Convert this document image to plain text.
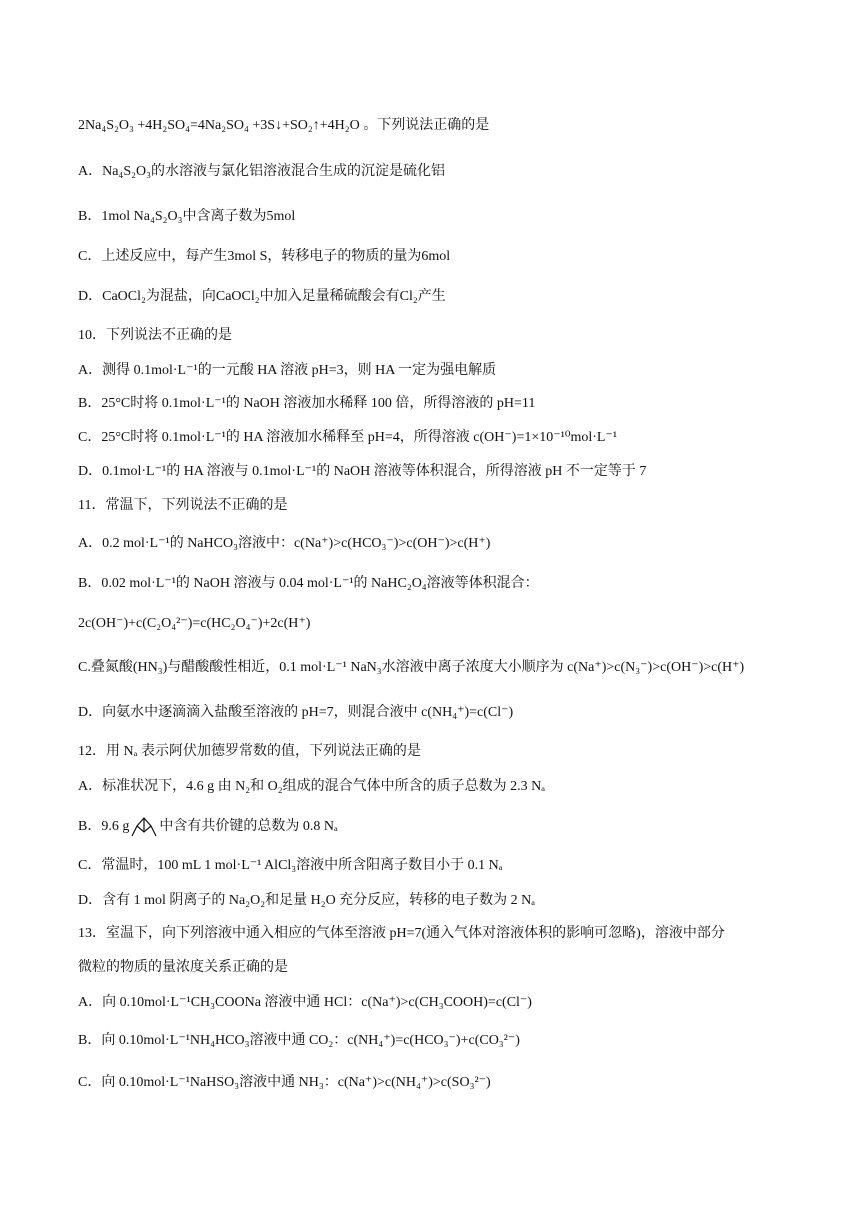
2Na₄S₂O₃ +4H₂SO₄=4Na₂SO₄ +3S↓+SO₂↑+4H₂O 。下列说法正确的是
A．Na₄S₂O₃的水溶液与氯化铝溶液混合生成的沉淀是硫化铝
B．1mol Na₄S₂O₃中含离子数为5mol
C．上述反应中，每产生3mol S，转移电子的物质的量为6mol
D．CaOCl₂为混盐，向CaOCl₂中加入足量稀硫酸会有Cl₂产生
10．下列说法不正确的是
A．测得 0.1mol·L⁻¹的一元酸 HA 溶液 pH=3，则 HA 一定为强电解质
B．25°C时将 0.1mol·L⁻¹的 NaOH 溶液加水稀释 100 倍，所得溶液的 pH=11
C．25°C时将 0.1mol·L⁻¹的 HA 溶液加水稀释至 pH=4，所得溶液 c(OH⁻)=1×10⁻¹⁰mol·L⁻¹
D．0.1mol·L⁻¹的 HA 溶液与 0.1mol·L⁻¹的 NaOH 溶液等体积混合，所得溶液 pH 不一定等于 7
11．常温下，下列说法不正确的是
A．0.2 mol·L⁻¹的 NaHCO₃溶液中：c(Na⁺)>c(HCO₃⁻)>c(OH⁻)>c(H⁺)
B．0.02 mol·L⁻¹的 NaOH 溶液与 0.04 mol·L⁻¹的 NaHC₂O₄溶液等体积混合：
2c(OH⁻)+c(C₂O₄²⁻)=c(HC₂O₄⁻)+2c(H⁺)
C.叠氮酸(HN₃)与醋酸酸性相近，0.1 mol·L⁻¹ NaN₃水溶液中离子浓度大小顺序为 c(Na⁺)>c(N₃⁻)>c(OH⁻)>c(H⁺)
D．向氨水中逐滴滴入盐酸至溶液的 pH=7，则混合液中 c(NH₄⁺)=c(Cl⁻)
12．用 Nₐ 表示阿伏加德罗常数的值，下列说法正确的是
A．标准状况下，4.6 g 由 N₂和 O₂组成的混合气体中所含的质子总数为 2.3 Nₐ
C．常温时，100 mL 1 mol·L⁻¹ AlCl₃溶液中所含阳离子数目小于 0.1 Nₐ
D．含有 1 mol 阴离子的 Na₂O₂和足量 H₂O 充分反应，转移的电子数为 2 Nₐ
13．室温下，向下列溶液中通入相应的气体至溶液 pH=7(通入气体对溶液体积的影响可忽略)，溶液中部分
微粒的物质的量浓度关系正确的是
A．向 0.10mol·L⁻¹CH₃COONa 溶液中通 HCl：c(Na⁺)>c(CH₃COOH)=c(Cl⁻)
B．向 0.10mol·L⁻¹NH₄HCO₃溶液中通 CO₂：c(NH₄⁺)=c(HCO₃⁻)+c(CO₃²⁻)
C．向 0.10mol·L⁻¹NaHSO₃溶液中通 NH₃：c(Na⁺)>c(NH₄⁺)>c(SO₃²⁻)
B．9.6 g 中含有共价键的总数为 0.8 Nₐ
